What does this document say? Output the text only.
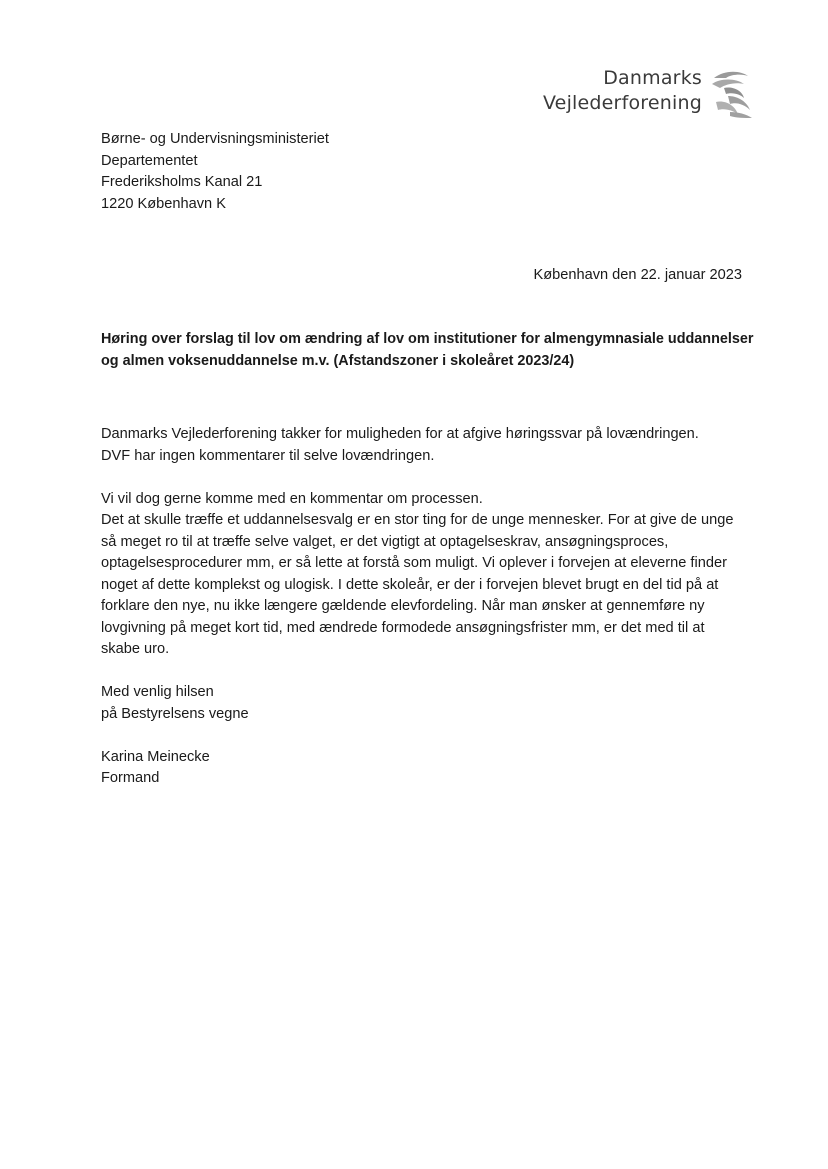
Danmarks
Vejlederforening
Børne- og Undervisningsministeriet
Departementet
Frederiksholms Kanal 21
1220 København K
København den 22. januar 2023
Høring over forslag til lov om ændring af lov om institutioner for almengymnasiale uddannelser
og almen voksenuddannelse m.v. (Afstandszoner i skoleåret 2023/24)
Danmarks Vejlederforening takker for muligheden for at afgive høringssvar på lovændringen.
DVF har ingen kommentarer til selve lovændringen.
Vi vil dog gerne komme med en kommentar om processen.
Det at skulle træffe et uddannelsesvalg er en stor ting for de unge mennesker. For at give de unge
så meget ro til at træffe selve valget, er det vigtigt at optagelseskrav, ansøgningsproces,
optagelsesprocedurer mm, er så lette at forstå som muligt. Vi oplever i forvejen at eleverne finder
noget af dette komplekst og ulogisk. I dette skoleår, er der i forvejen blevet brugt en del tid på at
forklare den nye, nu ikke længere gældende elevfordeling. Når man ønsker at gennemføre ny
lovgivning på meget kort tid, med ændrede formodede ansøgningsfrister mm, er det med til at
skabe uro.
Med venlig hilsen
på Bestyrelsens vegne
Karina Meinecke
Formand
